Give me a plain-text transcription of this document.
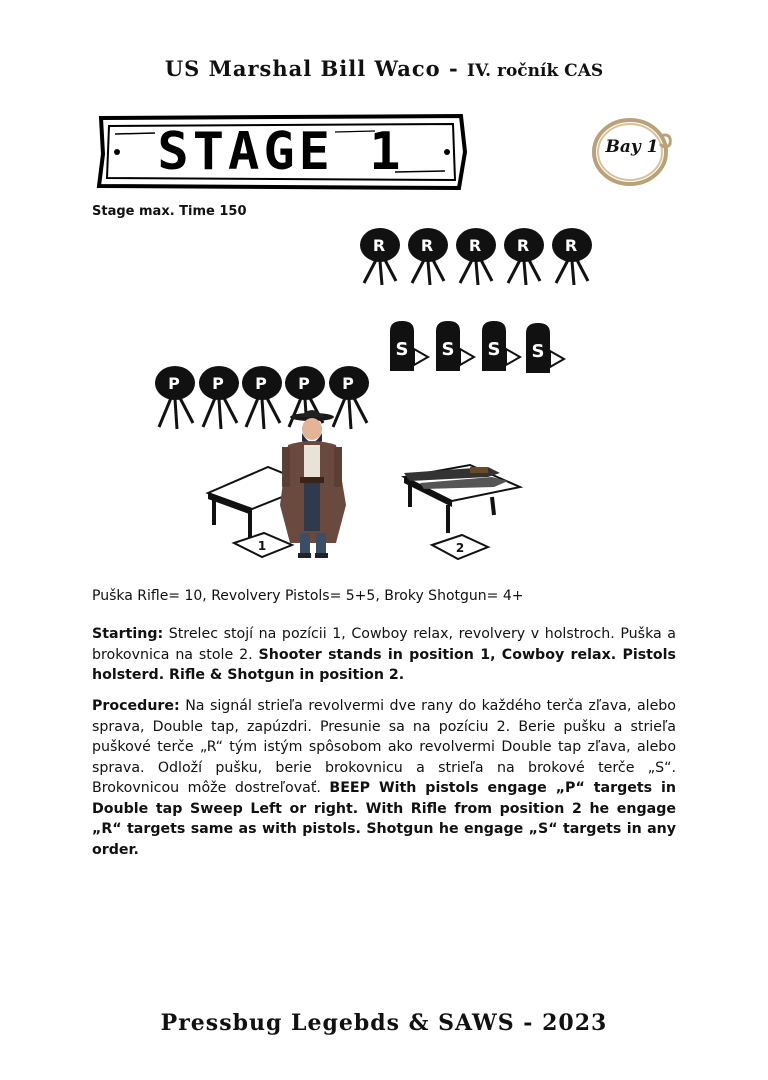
US Marshal Bill Waco - IV. ročník CAS
STAGE 1	Bay 1
Stage max. Time 150
R R R R R
S S S S
P P P P P
1	2
Puška Rifle= 10, Revolvery Pistols= 5+5, Broky Shotgun= 4+
Starting: Strelec stojí na pozícii 1, Cowboy relax, revolvery v holstroch. Puška a brokovnica na stole 2. Shooter stands in position 1, Cowboy relax. Pistols holsterd. Rifle & Shotgun in position 2.
Procedure: Na signál strieľa revolvermi dve rany do každého terča zľava, alebo sprava, Double tap, zapúzdri. Presunie sa na pozíciu 2. Berie pušku a strieľa puškové terče „R“ tým istým spôsobom ako revolvermi Double tap zľava, alebo sprava. Odloží pušku, berie brokovnicu a strieľa na brokové terče „S“. Brokovnicou môže dostreľovať. BEEP With pistols engage „P“ targets in Double tap Sweep Left or right. With Rifle from position 2 he engage „R“ targets same as with pistols. Shotgun he engage „S“ targets in any order.
Pressbug Legebds & SAWS - 2023
